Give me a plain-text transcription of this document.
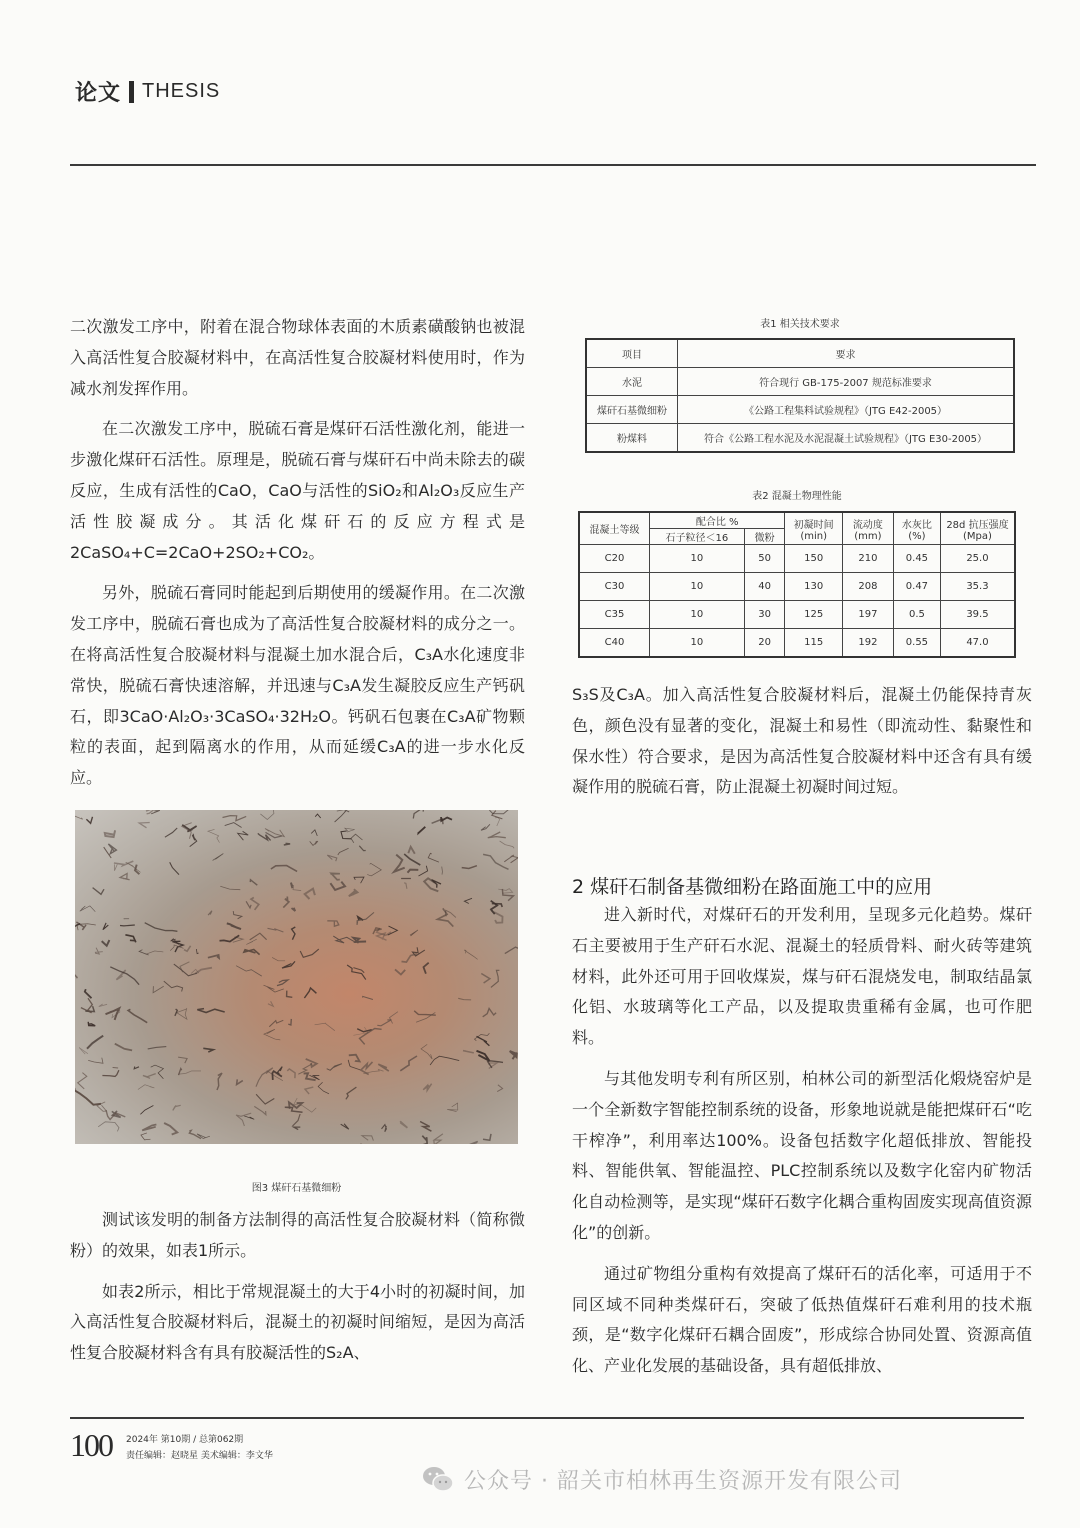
论文 THESIS

二次激发工序中，附着在混合物球体表面的木质素磺酸钠也被混入高活性复合胶凝材料中，在高活性复合胶凝材料使用时，作为减水剂发挥作用。

在二次激发工序中，脱硫石膏是煤矸石活性激化剂，能进一步激化煤矸石活性。原理是，脱硫石膏与煤矸石中尚未除去的碳反应，生成有活性的CaO，CaO与活性的SiO₂和Al₂O₃反应生产活性胶凝成分。其活化煤矸石的反应方程式是2CaSO₄+C=2CaO+2SO₂+CO₂。

另外，脱硫石膏同时能起到后期使用的缓凝作用。在二次激发工序中，脱硫石膏也成为了高活性复合胶凝材料的成分之一。在将高活性复合胶凝材料与混凝土加水混合后，C₃A水化速度非常快，脱硫石膏快速溶解，并迅速与C₃A发生凝胶反应生产钙矾石，即3CaO·Al₂O₃·3CaSO₄·32H₂O。钙矾石包裹在C₃A矿物颗粒的表面，起到隔离水的作用，从而延缓C₃A的进一步水化反应。

图3 煤矸石基微细粉

测试该发明的制备方法制得的高活性复合胶凝材料（简称微粉）的效果，如表1所示。

如表2所示，相比于常规混凝土的大于4小时的初凝时间，加入高活性复合胶凝材料后，混凝土的初凝时间缩短，是因为高活性复合胶凝材料含有具有胶凝活性的S₂A、

表1 相关技术要求
项目	要求
水泥	符合现行 GB-175-2007 规范标准要求
煤矸石基微细粉	《公路工程集料试验规程》（JTG E42-2005）
粉煤料	符合《公路工程水泥及水泥混凝土试验规程》（JTG E30-2005）
表2 混凝土物理性能
混凝土等级	配合比 %		初凝时间 (min)	流动度 (mm)	水灰比 (%)	28d 抗压强度 (Mpa)
	石子粒径＜16	微粉				
C20	10	50	150	210	0.45	25.0
C30	10	40	130	208	0.47	35.3
C35	10	30	125	197	0.5	39.5
C40	10	20	115	192	0.55	47.0

S₃S及C₃A。加入高活性复合胶凝材料后，混凝土仍能保持青灰色，颜色没有显著的变化，混凝土和易性（即流动性、黏聚性和保水性）符合要求，是因为高活性复合胶凝材料中还含有具有缓凝作用的脱硫石膏，防止混凝土初凝时间过短。

2 煤矸石制备基微细粉在路面施工中的应用

进入新时代，对煤矸石的开发利用，呈现多元化趋势。煤矸石主要被用于生产矸石水泥、混凝土的轻质骨料、耐火砖等建筑材料，此外还可用于回收煤炭，煤与矸石混烧发电，制取结晶氯化铝、水玻璃等化工产品，以及提取贵重稀有金属，也可作肥料。

与其他发明专利有所区别，柏林公司的新型活化煅烧窑炉是一个全新数字智能控制系统的设备，形象地说就是能把煤矸石“吃干榨净”，利用率达100%。设备包括数字化超低排放、智能投料、智能供氧、智能温控、PLC控制系统以及数字化窑内矿物活化自动检测等，是实现“煤矸石数字化耦合重构固废实现高值资源化”的创新。

通过矿物组分重构有效提高了煤矸石的活化率，可适用于不同区域不同种类煤矸石，突破了低热值煤矸石难利用的技术瓶颈，是“数字化煤矸石耦合固废”，形成综合协同处置、资源高值化、产业化发展的基础设备，具有超低排放、

100 2024年 第10期 / 总第062期
责任编辑：赵晓星 美术编辑：李文华
公众号 · 韶关市柏林再生资源开发有限公司
